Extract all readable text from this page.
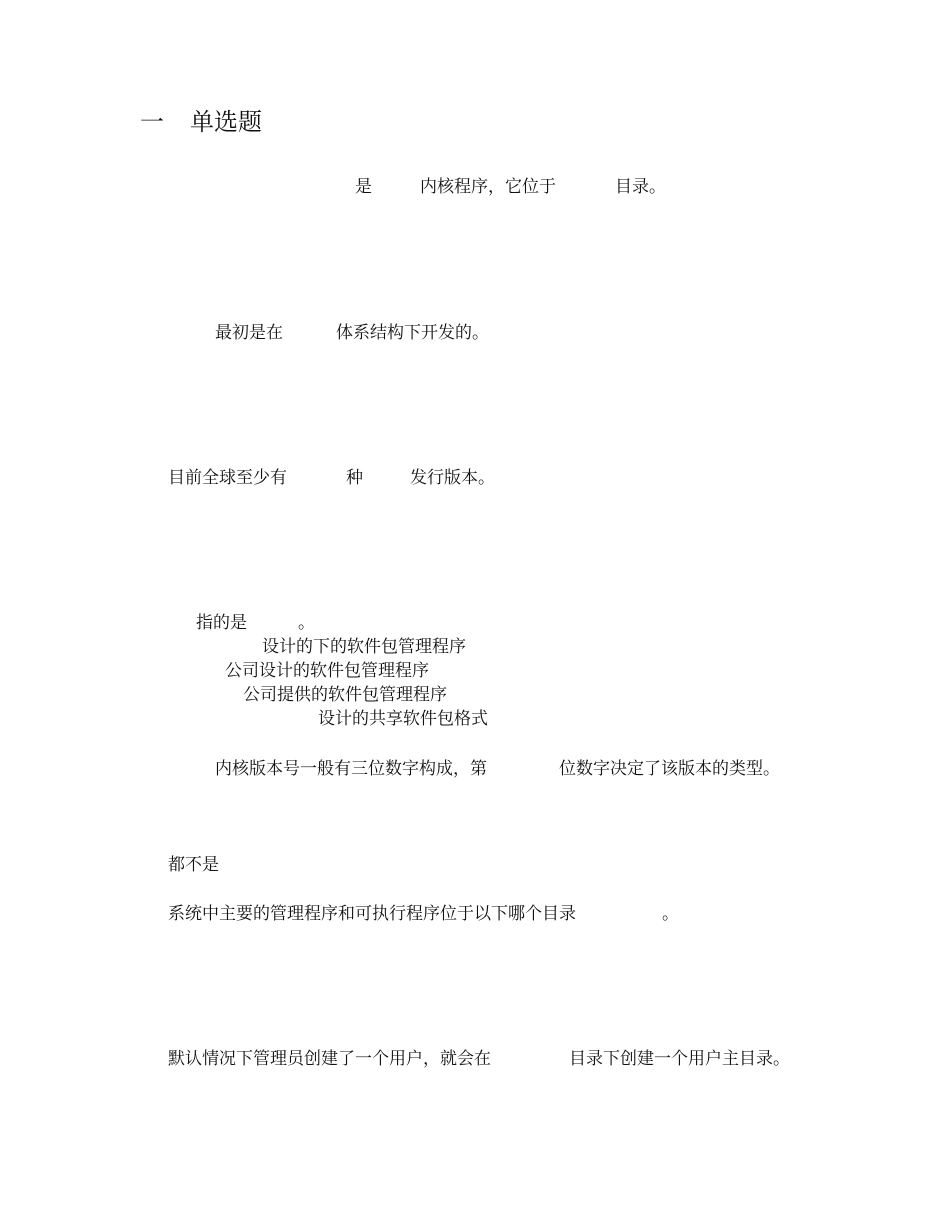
一 单选题
是	内核程序，它位于	目录。
最初是在	体系结构下开发的。
目前全球至少有	种	发行版本。
指的是	。
设计的下的软件包管理程序
公司设计的软件包管理程序
公司提供的软件包管理程序
设计的共享软件包格式
内核版本号一般有三位数字构成，第	位数字决定了该版本的类型。
都不是
系统中主要的管理程序和可执行程序位于以下哪个目录	。
默认情况下管理员创建了一个用户，就会在	目录下创建一个用户主目录。
